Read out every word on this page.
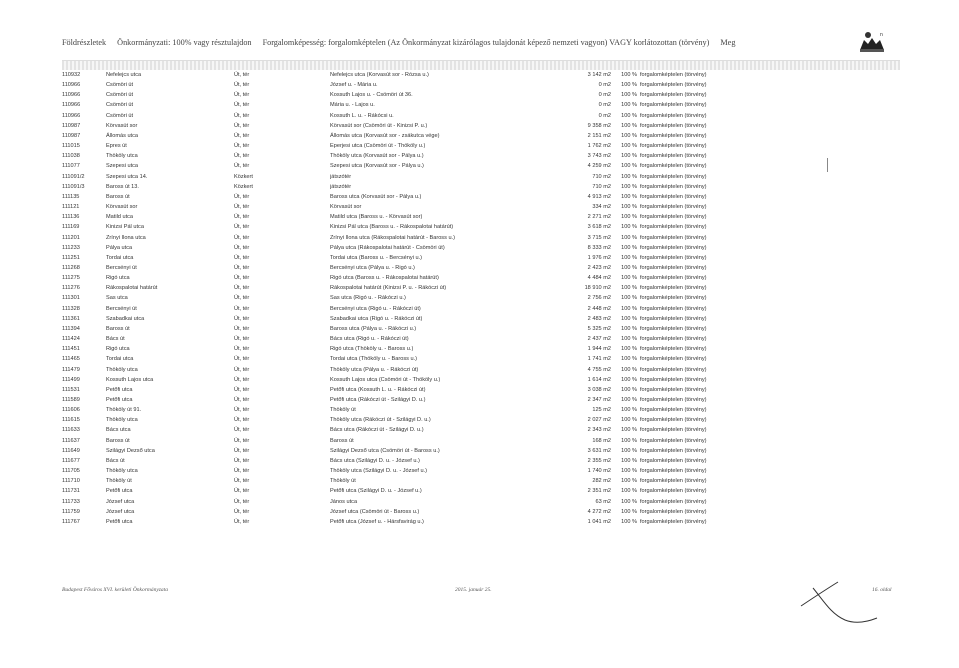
Földrészletek Önkormányzati: 100% vagy résztulajdon Forgalomképesség: forgalomképtelen (Az Önkormányzat kizárólagos tulajdonát képező nemzeti vagyon) VAGY korlátozottan (törvény) Meg
n
110932	Nefelejcs utca	Út, tér	Nefelejcs utca (Korvasút sor - Rózsa u.)	3 142 m2	100 %	forgalomképtelen (törvény)
110966	Csömöri út	Út, tér	József u. - Mária u.	0 m2	100 %	forgalomképtelen (törvény)
110966	Csömöri út	Út, tér	Kossuth Lajos u. - Csömöri út 36.	0 m2	100 %	forgalomképtelen (törvény)
110966	Csömöri út	Út, tér	Mária u. - Lajos u.	0 m2	100 %	forgalomképtelen (törvény)
110966	Csömöri út	Út, tér	Kossuth L. u. - Rákócsi u.	0 m2	100 %	forgalomképtelen (törvény)
110987	Körvasút sor	Út, tér	Körvasút sor (Csömöri út - Kinizsi P. u.)	9 358 m2	100 %	forgalomképtelen (törvény)
110987	Állomás utca	Út, tér	Állomás utca (Korvasút sor - zsákutca vége)	2 151 m2	100 %	forgalomképtelen (törvény)
111015	Epres út	Út, tér	Eperjesi utca (Csömöri út - Thököly u.)	1 762 m2	100 %	forgalomképtelen (törvény)
111038	Thököly utca	Út, tér	Thököly utca (Korvasút sor - Pálya u.)	3 743 m2	100 %	forgalomképtelen (törvény)
111077	Szepesi utca	Út, tér	Szepesi utca (Korvasút sor - Pálya u.)	4 259 m2	100 %	forgalomképtelen (törvény)
111091/2	Szepesi utca 14.	Közkert	játszótér	710 m2	100 %	forgalomképtelen (törvény)
111091/3	Baross út 13.	Közkert	játszótér	710 m2	100 %	forgalomképtelen (törvény)
111135	Baross út	Út, tér	Baross utca (Korvasút sor - Pálya u.)	4 913 m2	100 %	forgalomképtelen (törvény)
111121	Körvasút sor	Út, tér	Körvasút sor	334 m2	100 %	forgalomképtelen (törvény)
111136	Matild utca	Út, tér	Matild utca (Baross u. - Körvasút sor)	2 271 m2	100 %	forgalomképtelen (törvény)
111169	Kinizsi Pál utca	Út, tér	Kinizsi Pál utca (Baross u. - Rákospalotai határút)	3 618 m2	100 %	forgalomképtelen (törvény)
111201	Zrínyi Ilona utca	Út, tér	Zrínyi Ilona utca (Rákospalotai határút - Baross u.)	3 715 m2	100 %	forgalomképtelen (törvény)
111233	Pálya utca	Út, tér	Pálya utca (Rákospalotai határút - Csömöri út)	8 333 m2	100 %	forgalomképtelen (törvény)
111251	Tordai utca	Út, tér	Tordai utca (Baross u. - Bercsényi u.)	1 976 m2	100 %	forgalomképtelen (törvény)
111268	Bercsényi út	Út, tér	Bercsényi utca (Pálya u. - Rigó u.)	2 423 m2	100 %	forgalomképtelen (törvény)
111275	Rigó utca	Út, tér	Rigó utca (Baross u. - Rákospalotai határút)	4 484 m2	100 %	forgalomképtelen (törvény)
111276	Rákospalotai határút	Út, tér	Rákospalotai határút (Kinizsi P. u. - Rákóczi út)	18 910 m2	100 %	forgalomképtelen (törvény)
111301	Sas utca	Út, tér	Sas utca (Rigó u. - Rákóczi u.)	2 756 m2	100 %	forgalomképtelen (törvény)
111328	Bercsényi út	Út, tér	Bercsényi utca (Rigó u. - Rákóczi út)	2 448 m2	100 %	forgalomképtelen (törvény)
111361	Szabadkai utca	Út, tér	Szabadkai utca (Rigó u. - Rákóczi út)	2 483 m2	100 %	forgalomképtelen (törvény)
111394	Baross út	Út, tér	Baross utca (Pálya u. - Rákóczi u.)	5 325 m2	100 %	forgalomképtelen (törvény)
111424	Bács út	Út, tér	Bács utca (Rigó u. - Rákóczi út)	2 437 m2	100 %	forgalomképtelen (törvény)
111451	Rigó utca	Út, tér	Rigó utca (Thököly u. - Baross u.)	1 944 m2	100 %	forgalomképtelen (törvény)
111465	Tordai utca	Út, tér	Tordai utca (Thököly u. - Baross u.)	1 741 m2	100 %	forgalomképtelen (törvény)
111479	Thököly utca	Út, tér	Thököly utca (Pálya u. - Rákóczi út)	4 755 m2	100 %	forgalomképtelen (törvény)
111499	Kossuth Lajos utca	Út, tér	Kossuth Lajos utca (Csömöri út - Thököly u.)	1 614 m2	100 %	forgalomképtelen (törvény)
111531	Petőfi utca	Út, tér	Petőfi utca (Kossuth L. u. - Rákóczi út)	3 038 m2	100 %	forgalomképtelen (törvény)
111589	Petőfi utca	Út, tér	Petőfi utca (Rákóczi út - Szilágyi D. u.)	2 347 m2	100 %	forgalomképtelen (törvény)
111606	Thököly út 91.	Út, tér	Thököly út	125 m2	100 %	forgalomképtelen (törvény)
111615	Thököly utca	Út, tér	Thököly utca (Rákóczi út - Szilágyi D. u.)	2 027 m2	100 %	forgalomképtelen (törvény)
111633	Bács utca	Út, tér	Bács utca (Rákóczi út - Szilágyi D. u.)	2 343 m2	100 %	forgalomképtelen (törvény)
111637	Baross út	Út, tér	Baross út	168 m2	100 %	forgalomképtelen (törvény)
111649	Szilágyi Dezső utca	Út, tér	Szilágyi Dezső utca (Csömöri út - Baross u.)	3 631 m2	100 %	forgalomképtelen (törvény)
111677	Bács út	Út, tér	Bács utca (Szilágyi D. u. - József u.)	2 355 m2	100 %	forgalomképtelen (törvény)
111705	Thököly utca	Út, tér	Thököly utca (Szilágyi D. u. - József u.)	1 740 m2	100 %	forgalomképtelen (törvény)
111710	Thököly út	Út, tér	Thököly út	282 m2	100 %	forgalomképtelen (törvény)
111731	Petőfi utca	Út, tér	Petőfi utca (Szilágyi D. u. - József u.)	2 351 m2	100 %	forgalomképtelen (törvény)
111733	József utca	Út, tér	János utca	63 m2	100 %	forgalomképtelen (törvény)
111759	József utca	Út, tér	József utca (Csömöri út - Baross u.)	4 272 m2	100 %	forgalomképtelen (törvény)
111767	Petőfi utca	Út, tér	Petőfi utca (József u. - Hársfavirág u.)	1 041 m2	100 %	forgalomképtelen (törvény)
Budapest Főváros XVI. kerületi Önkormányzata	2015. január 25.	16. oldal
